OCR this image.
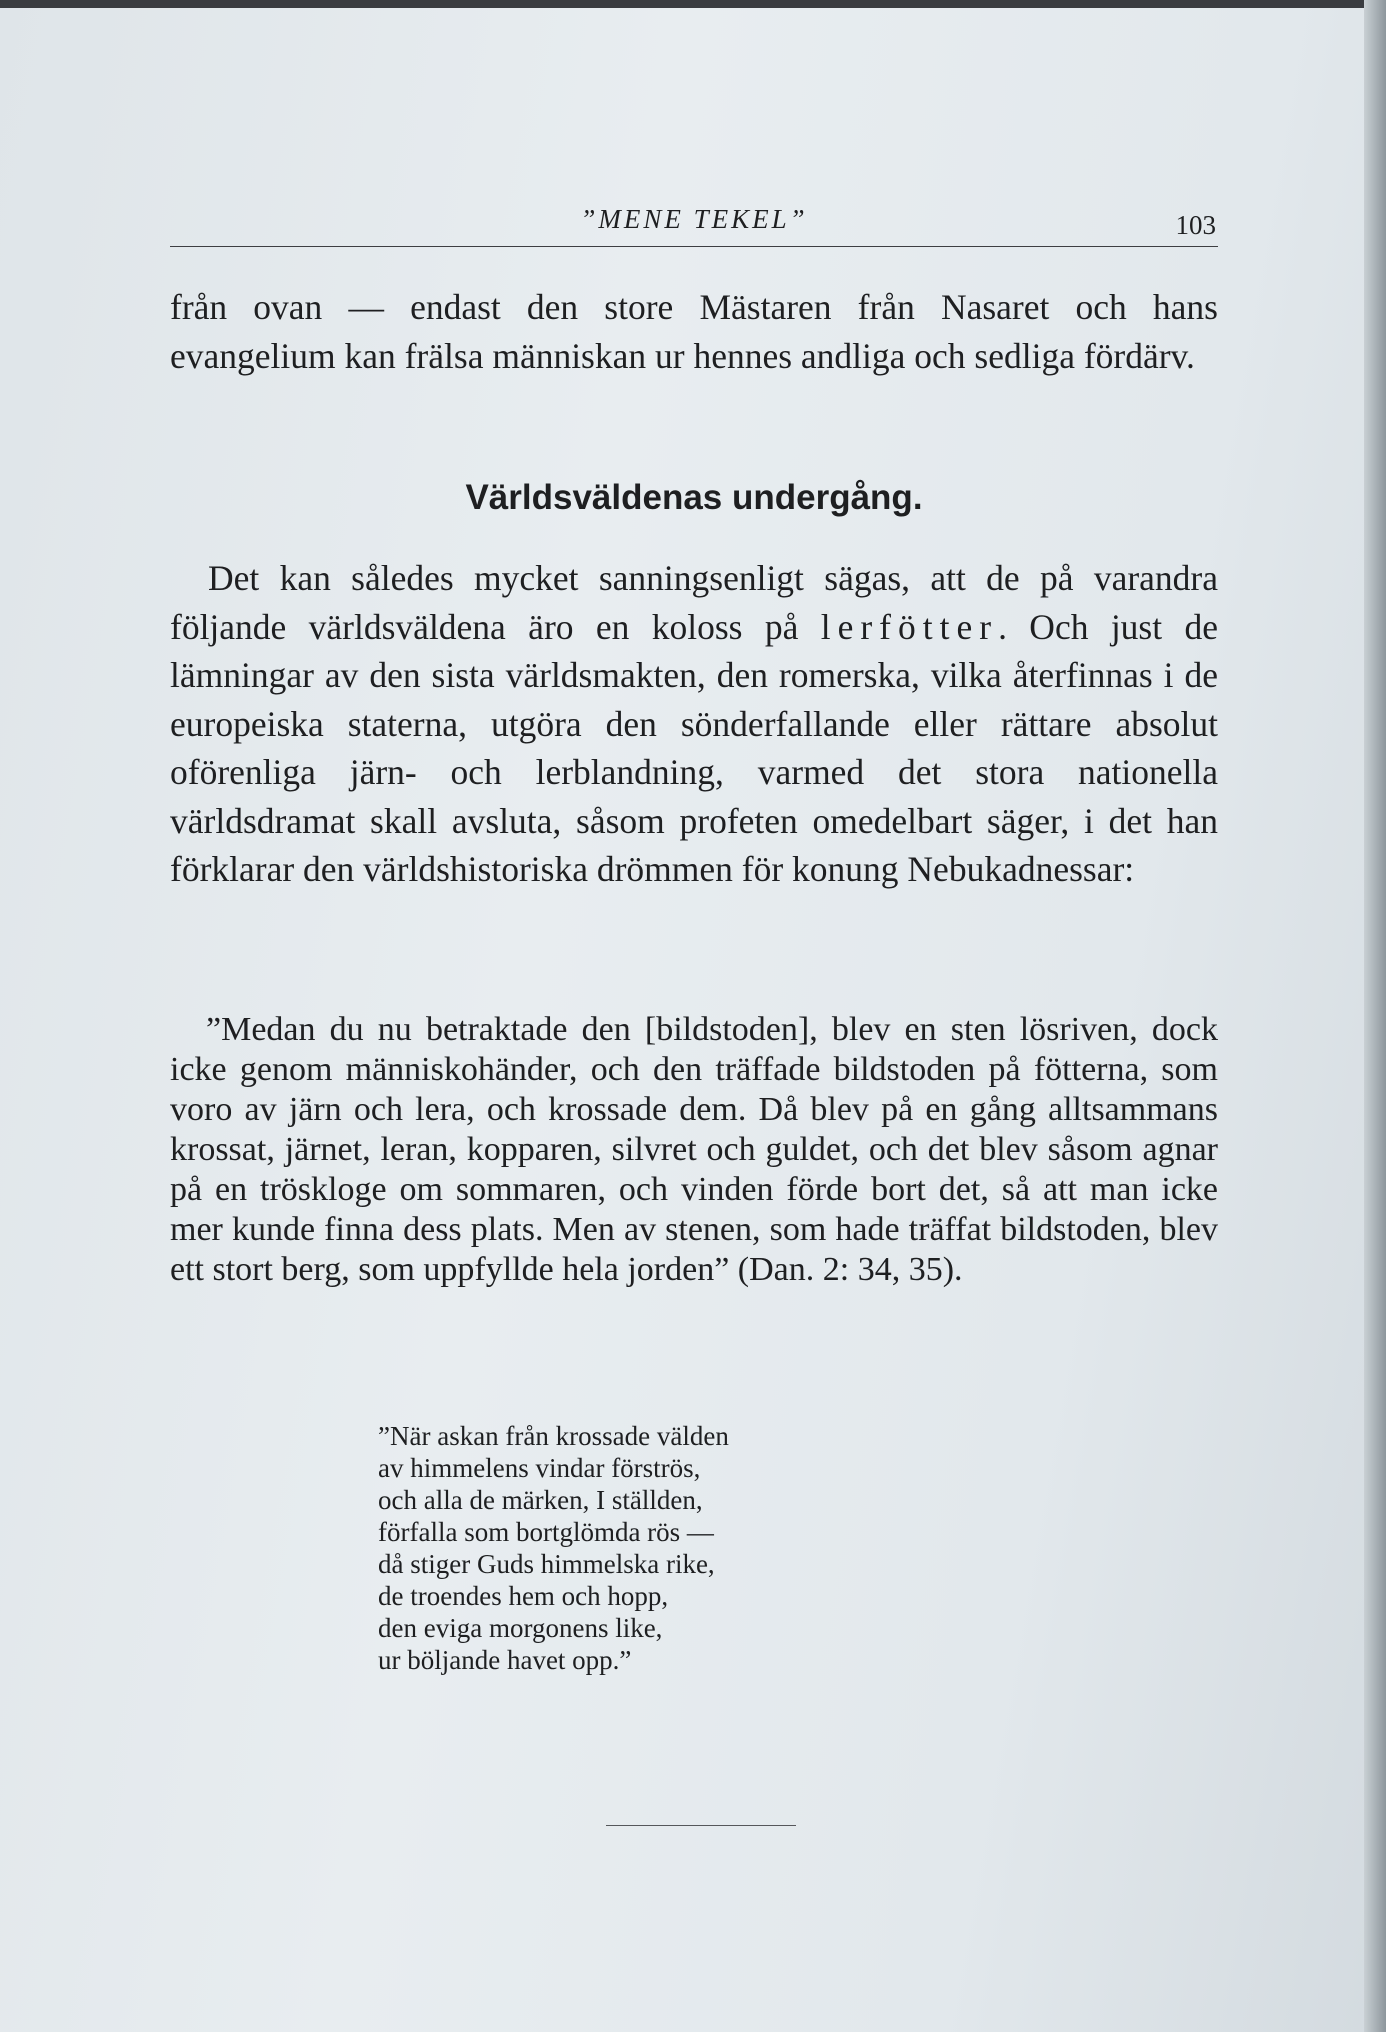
”MENE TEKEL”	103

från ovan — endast den store Mästaren från Nasaret och hans evangelium kan frälsa människan ur hennes andliga och sedliga fördärv.

Världsväldenas undergång.

Det kan således mycket sanningsenligt sägas, att de på varandra följande världsväldena äro en koloss på lerfötter. Och just de lämningar av den sista världsmakten, den romerska, vilka återfinnas i de europeiska staterna, utgöra den sönderfallande eller rättare absolut oförenliga järn- och lerblandning, varmed det stora nationella världsdramat skall avsluta, såsom profeten omedelbart säger, i det han förklarar den världshistoriska drömmen för konung Nebukadnessar:

”Medan du nu betraktade den [bildstoden], blev en sten lösriven, dock icke genom människohänder, och den träffade bildstoden på fötterna, som voro av järn och lera, och krossade dem. Då blev på en gång alltsammans krossat, järnet, leran, kopparen, silvret och guldet, och det blev såsom agnar på en tröskloge om sommaren, och vinden förde bort det, så att man icke mer kunde finna dess plats. Men av stenen, som hade träffat bildstoden, blev ett stort berg, som uppfyllde hela jorden” (Dan. 2: 34, 35).

”När askan från krossade välden
av himmelens vindar förströs,
och alla de märken, I ställden,
förfalla som bortglömda rös —
då stiger Guds himmelska rike,
de troendes hem och hopp,
den eviga morgonens like,
ur böljande havet opp.”
